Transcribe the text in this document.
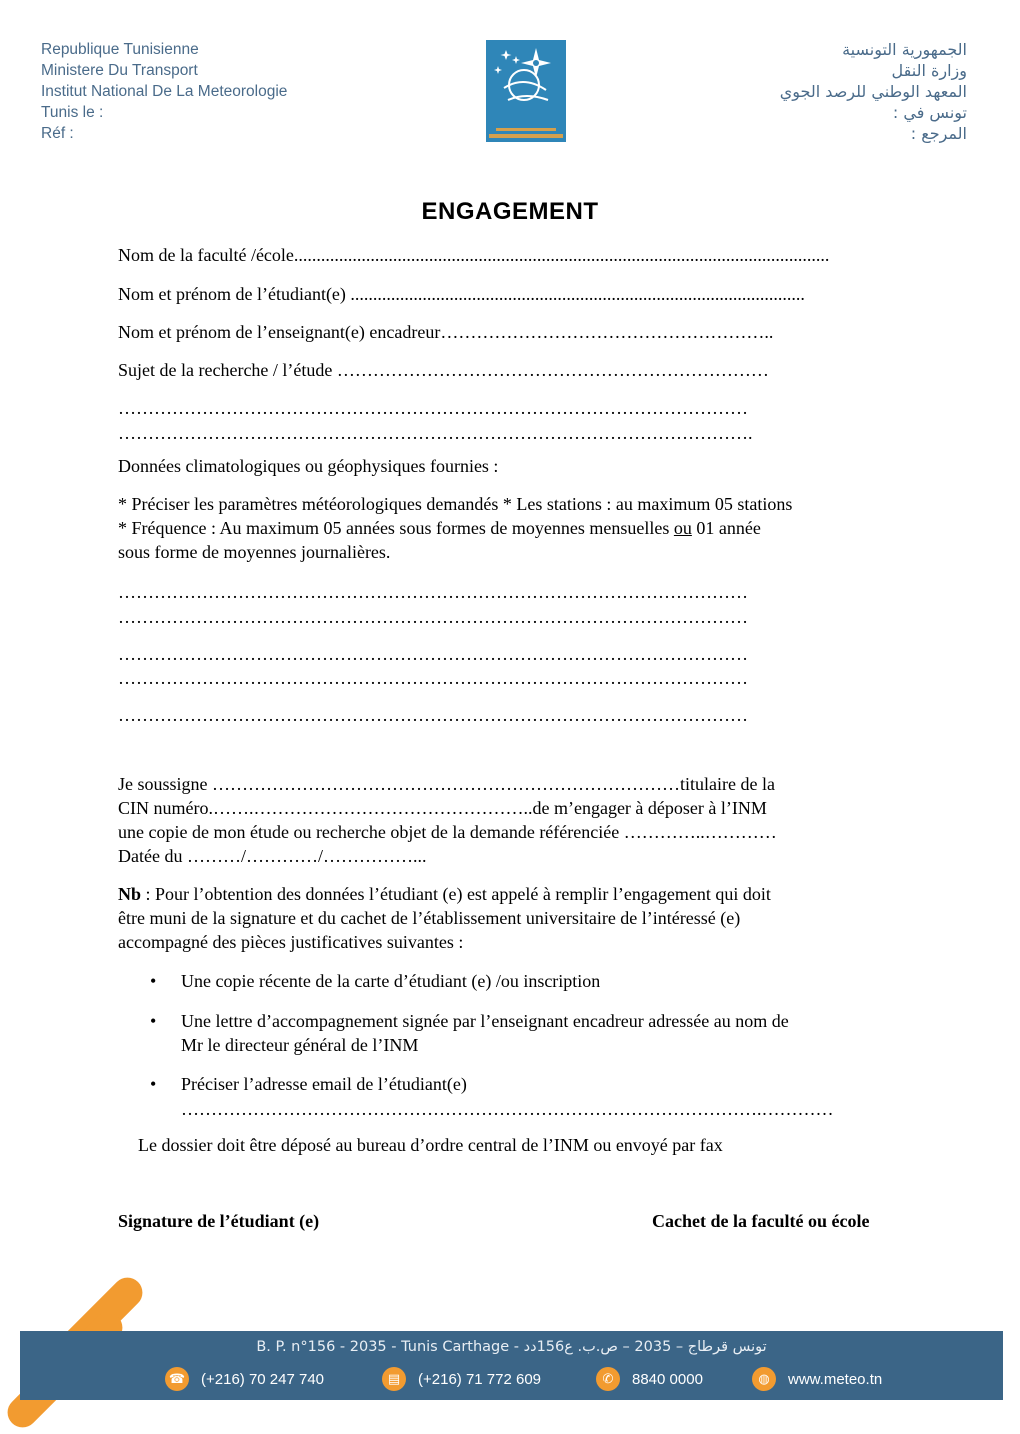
Republique Tunisienne
Ministere Du Transport
Institut National De La Meteorologie
Tunis le :
Réf :
الجمهورية التونسية
وزارة النقل
المعهد الوطني للرصد الجوي
تونس في :
المرجع :
ENGAGEMENT
Nom de la faculté /école.......................................................................................................................
Nom et prénom de l’étudiant(e) .....................................................................................................
Nom et prénom de l’enseignant(e) encadreur………………………………………………..
Sujet de la recherche / l’étude ………………………………………………………………
……………………………………………………………………………………………
…………………………………………………………………………………………….
Données climatologiques ou géophysiques fournies :
* Préciser les paramètres météorologiques demandés * Les stations : au maximum 05 stations
* Fréquence : Au maximum 05 années sous formes de moyennes mensuelles ou 01 année
sous forme de moyennes journalières.
……………………………………………………………………………………………
……………………………………………………………………………………………
……………………………………………………………………………………………
……………………………………………………………………………………………
……………………………………………………………………………………………
Je soussigne ……………………………………………………………………titulaire de la
CIN numéro.…….………………………………………..de m’engager à déposer à l’INM
une copie de mon étude ou recherche objet de la demande référenciée …………..…………
Datée du ………/…………/……………...
Nb : Pour l’obtention des données l’étudiant (e) est appelé à remplir l’engagement qui doit
être muni de la signature et du cachet de l’établissement universitaire de l’intéressé (e)
accompagné des pièces justificatives suivantes :
• Une copie récente de la carte d’étudiant (e) /ou inscription
• Une lettre d’accompagnement signée par l’enseignant encadreur adressée au nom de
Mr le directeur général de l’INM
• Préciser l’adresse email de l’étudiant(e)
…………………………………………………………………………………….…………
Le dossier doit être déposé au bureau d’ordre central de l’INM ou envoyé par fax
Signature de l’étudiant (e)	Cachet de la faculté ou école
B. P. n°156 - 2035 - Tunis Carthage - تونس قرطاج – 2035 – ص.ب. ع156دد
☎ (+216) 70 247 740	▤	(+216) 71 772 609	✆	8840 0000	◍	www.meteo.tn
